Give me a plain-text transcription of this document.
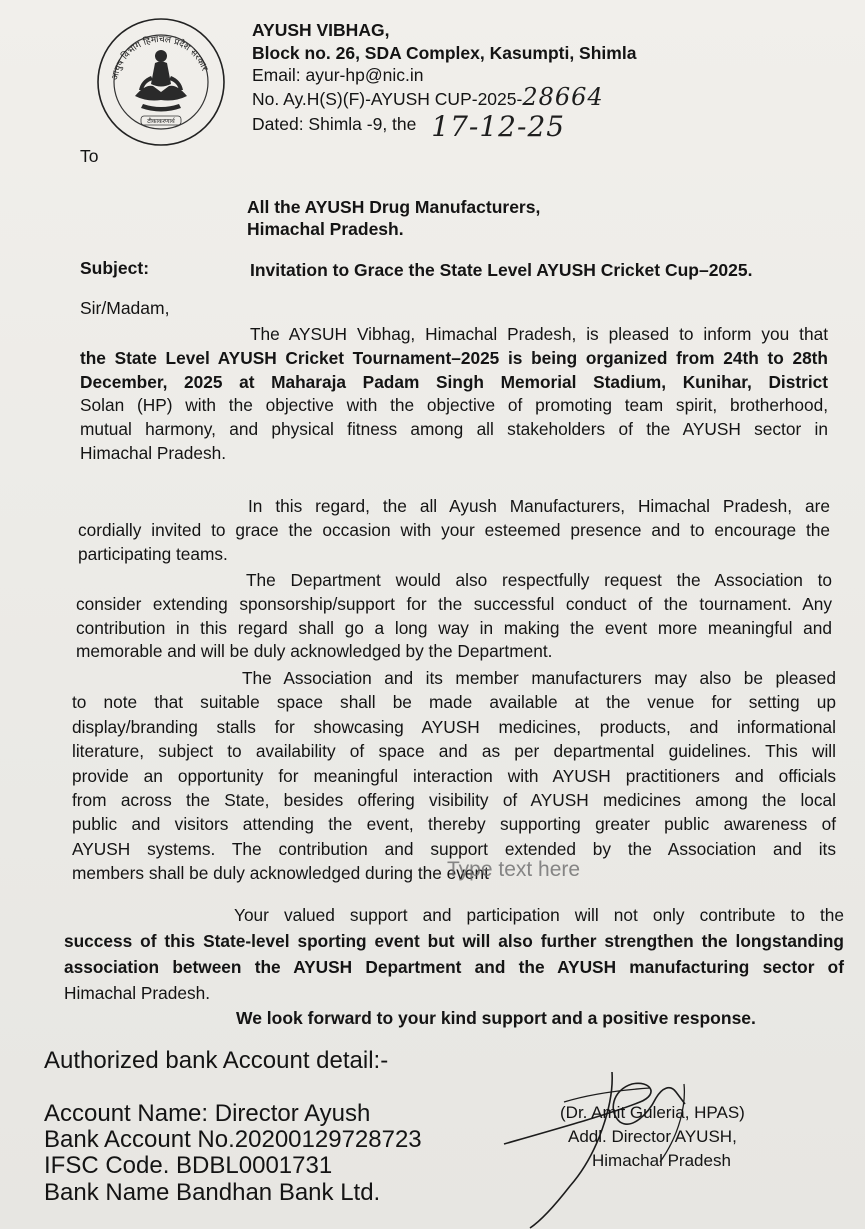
आयुष विभाग हिमाचल प्रदेश सरकार
टीकाकरणार्थ
AYUSH VIBHAG,
Block no. 26, SDA Complex, Kasumpti, Shimla
Email: ayur-hp@nic.in
No. Ay.H(S)(F)-AYUSH CUP-2025-28664
Dated: Shimla -9, the 17-12-25
To
All the AYUSH Drug Manufacturers,
Himachal Pradesh.
Subject:	Invitation to Grace the State Level AYUSH Cricket Cup–2025.
Sir/Madam,
The AYSUH Vibhag, Himachal Pradesh, is pleased to inform you that
the State Level AYUSH Cricket Tournament–2025 is being organized from 24th to 28th
December, 2025 at Maharaja Padam Singh Memorial Stadium, Kunihar, District
Solan (HP) with the objective with the objective of promoting team spirit, brotherhood,
mutual harmony, and physical fitness among all stakeholders of the AYUSH sector in
Himachal Pradesh.
In this regard, the all Ayush Manufacturers, Himachal Pradesh, are
cordially invited to grace the occasion with your esteemed presence and to encourage the
participating teams.
The Department would also respectfully request the Association to
consider extending sponsorship/support for the successful conduct of the tournament. Any
contribution in this regard shall go a long way in making the event more meaningful and
memorable and will be duly acknowledged by the Department.
The Association and its member manufacturers may also be pleased
to note that suitable space shall be made available at the venue for setting up
display/branding stalls for showcasing AYUSH medicines, products, and informational
literature, subject to availability of space and as per departmental guidelines. This will
provide an opportunity for meaningful interaction with AYUSH practitioners and officials
from across the State, besides offering visibility of AYUSH medicines among the local
public and visitors attending the event, thereby supporting greater public awareness of
AYUSH systems. The contribution and support extended by the Association and its
members shall be duly acknowledged during the event
Type text here
Your valued support and participation will not only contribute to the
success of this State-level sporting event but will also further strengthen the longstanding
association between the AYUSH Department and the AYUSH manufacturing sector of
Himachal Pradesh.
We look forward to your kind support and a positive response.
Authorized bank Account detail:-
Account Name: Director Ayush
Bank Account No.20200129728723
IFSC Code. BDBL0001731
Bank Name Bandhan Bank Ltd.
(Dr. Amit Guleria, HPAS)
Addl. Director AYUSH,
Himachal Pradesh
